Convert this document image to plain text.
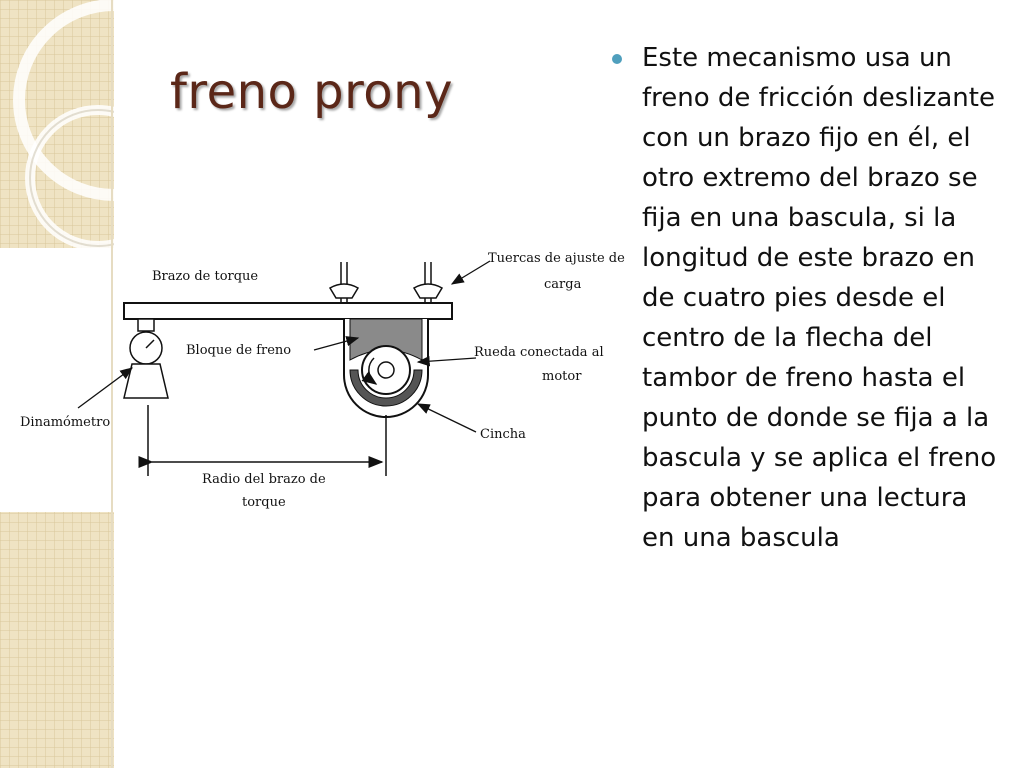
freno prony
Brazo de torque
Tuercas de ajuste de
carga
Bloque de freno	Rueda conectada al
motor
Dinamómetro
Cincha
Radio del brazo de
torque

Este mecanismo usa un freno de fricción deslizante con un brazo fijo en él, el otro extremo del brazo se fija en una bascula, si la longitud de este brazo en de cuatro pies desde el centro de la flecha del tambor de freno hasta el punto de donde se fija a la bascula y se aplica el freno para obtener una lectura en una bascula
